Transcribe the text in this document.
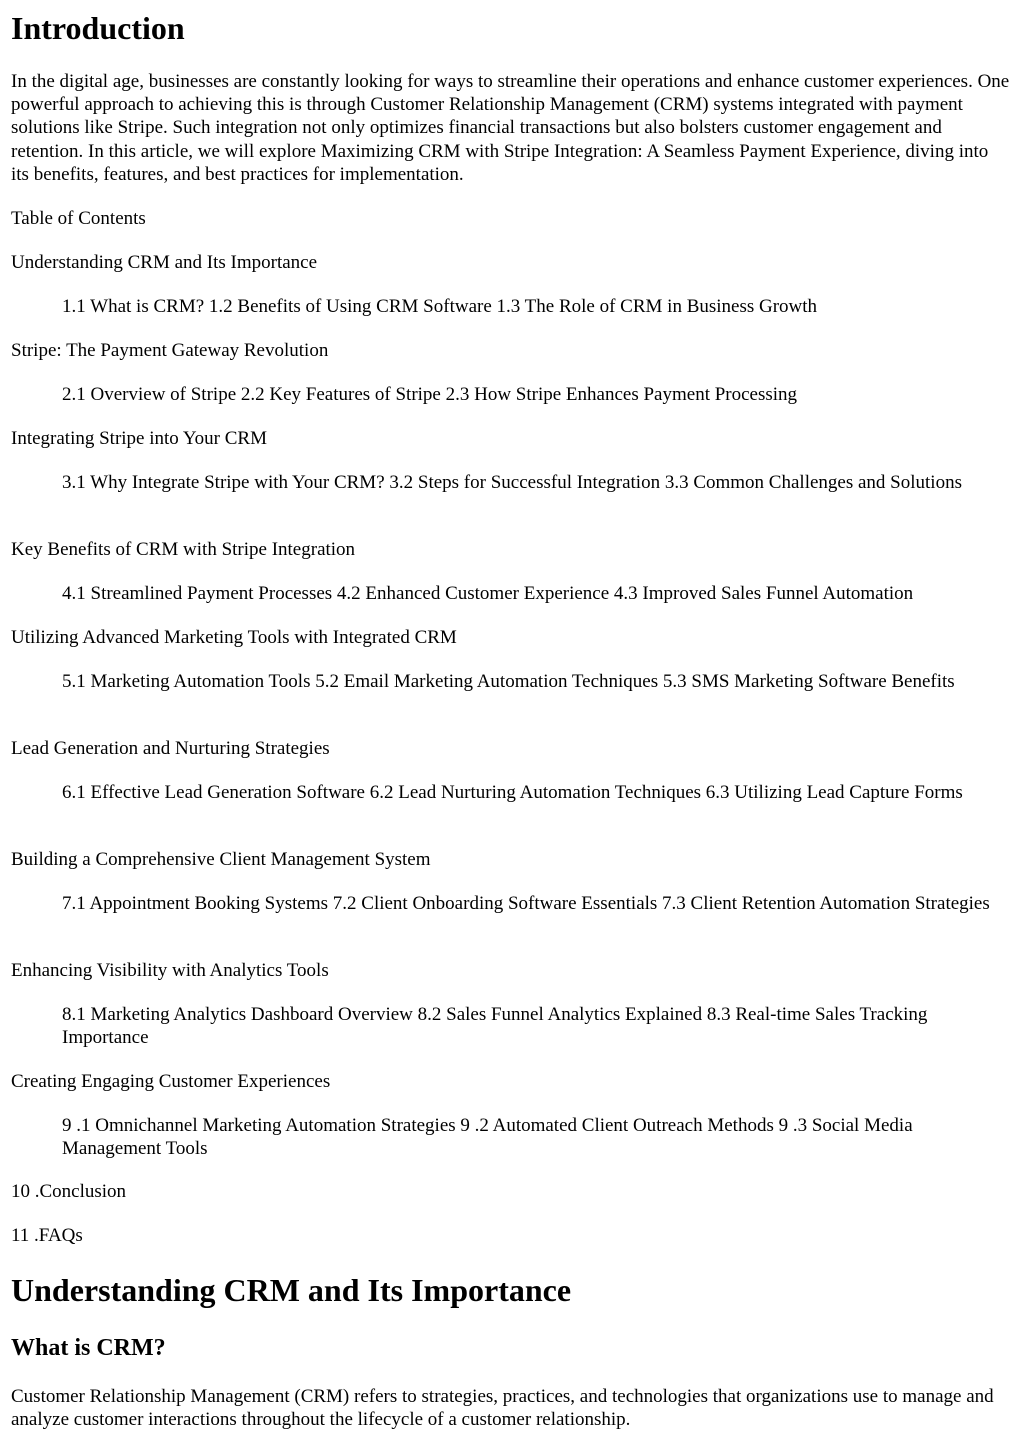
Introduction

In the digital age, businesses are constantly looking for ways to streamline their operations and enhance customer experiences. One powerful approach to achieving this is through Customer Relationship Management (CRM) systems integrated with payment solutions like Stripe. Such integration not only optimizes financial transactions but also bolsters customer engagement and retention. In this article, we will explore Maximizing CRM with Stripe Integration: A Seamless Payment Experience, diving into its benefits, features, and best practices for implementation.

Table of Contents

Understanding CRM and Its Importance

1.1 What is CRM? 1.2 Benefits of Using CRM Software 1.3 The Role of CRM in Business Growth

Stripe: The Payment Gateway Revolution

2.1 Overview of Stripe 2.2 Key Features of Stripe 2.3 How Stripe Enhances Payment Processing

Integrating Stripe into Your CRM

3.1 Why Integrate Stripe with Your CRM? 3.2 Steps for Successful Integration 3.3 Common Challenges and Solutions

Key Benefits of CRM with Stripe Integration

4.1 Streamlined Payment Processes 4.2 Enhanced Customer Experience 4.3 Improved Sales Funnel Automation

Utilizing Advanced Marketing Tools with Integrated CRM

5.1 Marketing Automation Tools 5.2 Email Marketing Automation Techniques 5.3 SMS Marketing Software Benefits

Lead Generation and Nurturing Strategies

6.1 Effective Lead Generation Software 6.2 Lead Nurturing Automation Techniques 6.3 Utilizing Lead Capture Forms

Building a Comprehensive Client Management System

7.1 Appointment Booking Systems 7.2 Client Onboarding Software Essentials 7.3 Client Retention Automation Strategies

Enhancing Visibility with Analytics Tools

8.1 Marketing Analytics Dashboard Overview 8.2 Sales Funnel Analytics Explained 8.3 Real-time Sales Tracking Importance

Creating Engaging Customer Experiences

9 .1 Omnichannel Marketing Automation Strategies 9 .2 Automated Client Outreach Methods 9 .3 Social Media Management Tools

10 .Conclusion

11 .FAQs

Understanding CRM and Its Importance
What is CRM?

Customer Relationship Management (CRM) refers to strategies, practices, and technologies that organizations use to manage and analyze customer interactions throughout the lifecycle of a customer relationship.
